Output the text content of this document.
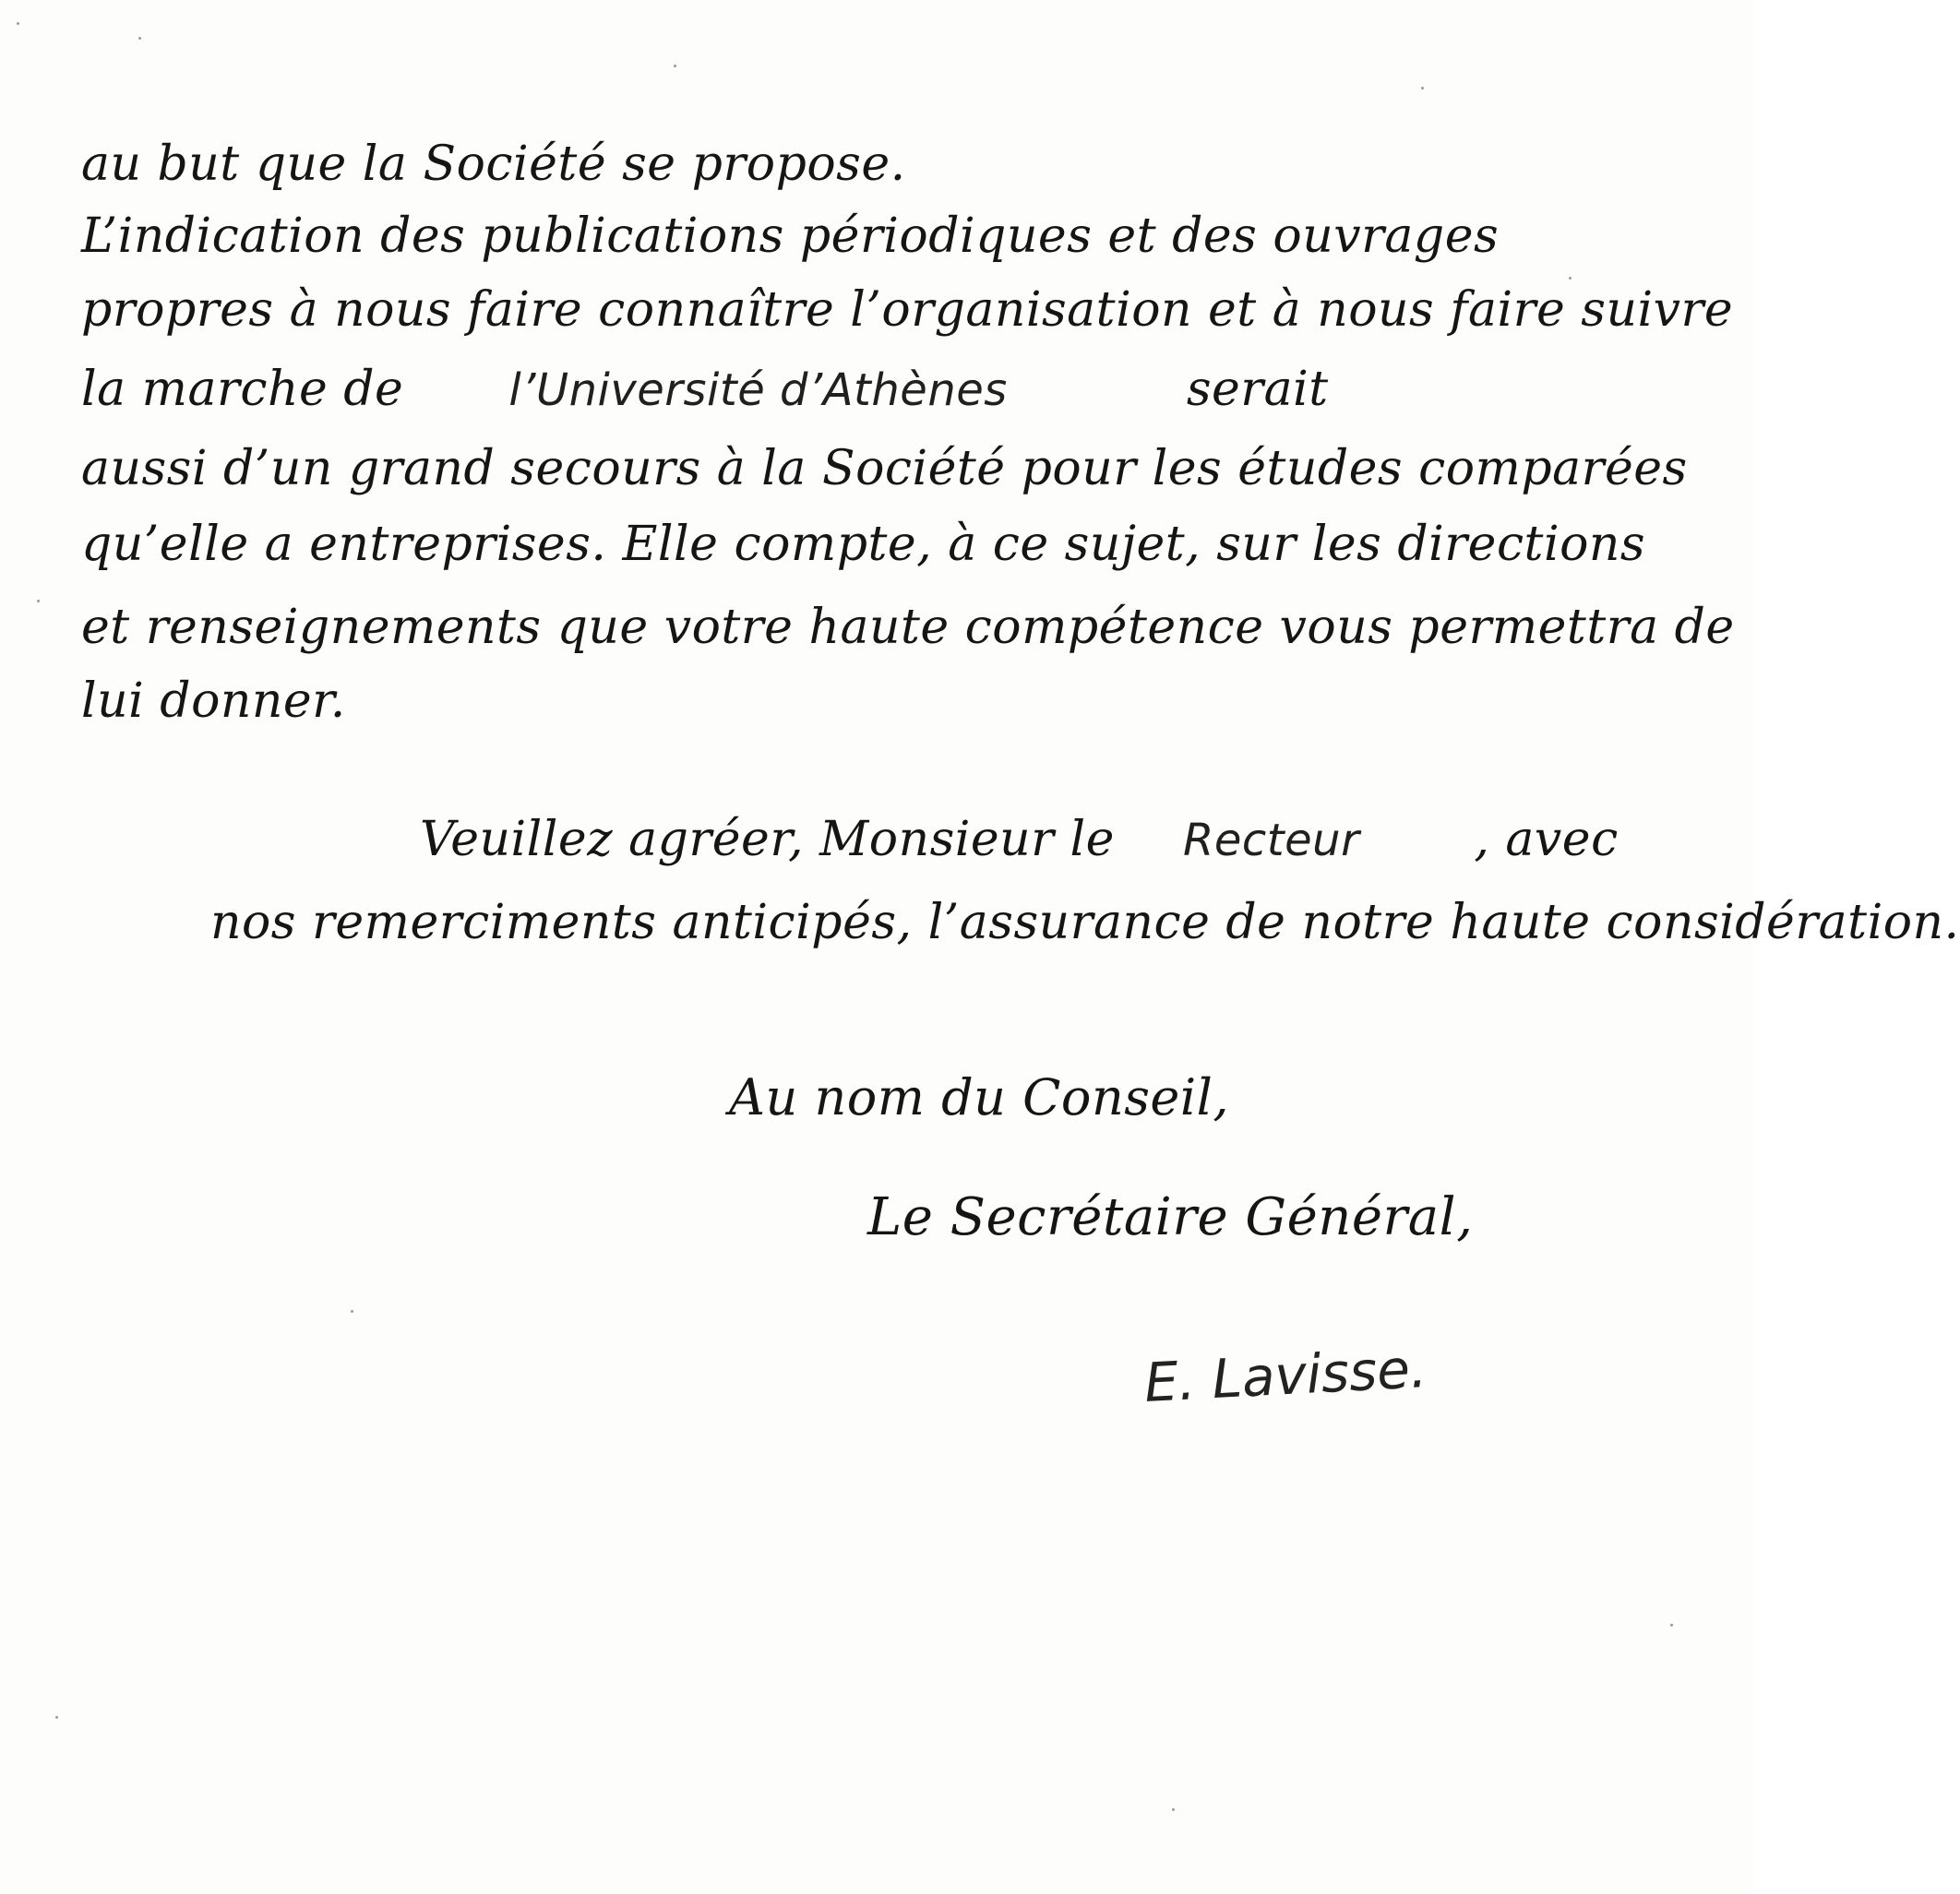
au but que la Société se propose.
L’indication des publications périodiques et des ouvrages
propres à nous faire connaître l’organisation et à nous faire suivre
la marche de l’Université d’Athènes	serait
aussi d’un grand secours à la Société pour les études comparées
qu’elle a entreprises. Elle compte, à ce sujet, sur les directions
et renseignements que votre haute compétence vous permettra de
lui donner.
Veuillez agréer, Monsieur le Recteur , avec
nos remerciments anticipés, l’assurance de notre haute considération.
Au nom du Conseil,
Le Secrétaire Général,
E. Lavisse.
